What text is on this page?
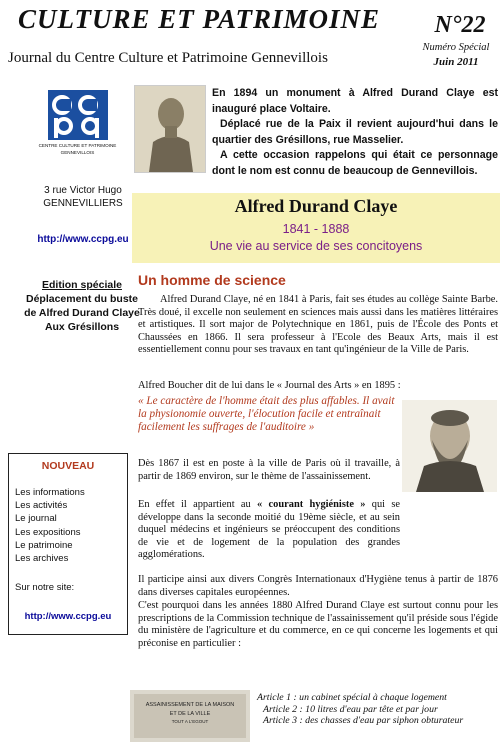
CULTURE ET PATRIMOINE
Journal du Centre Culture et Patrimoine Gennevillois
N°22
Numéro Spécial
Juin 2011
CENTRE CULTURE ET PATRIMOINE
GENNEVILLOIS
3 rue Victor Hugo
GENNEVILLIERS
http://www.ccpg.eu
Edition spéciale
Déplacement du buste
de Alfred Durand Claye
Aux Grésillons
NOUVEAU
Les informations
Les activités
Le journal
Les expositions
Le patrimoine
Les archives
Sur notre site:
http://www.ccpg.eu

En 1894 un monument à Alfred Durand Claye est inauguré place Voltaire.

Déplacé rue de la Paix il revient aujourd'hui dans le quartier des Grésillons, rue Masselier.

A cette occasion rappelons qui était ce personnage dont le nom est connu de beaucoup de Gennevillois.

Alfred Durand Claye
1841 - 1888
Une vie au service de ses concitoyens
Un homme de science

Alfred Durand Claye, né en 1841 à Paris, fait ses études au collège Sainte Barbe. Très doué, il excelle non seulement en sciences mais aussi dans les matières littéraires et artistiques. Il sort major de Polytechnique en 1861, puis de l'École des Ponts et Chaussées en 1866. Il sera professeur à l'Ecole des Beaux Arts, mais il est essentiellement connu pour ses travaux en tant qu'ingénieur de la Ville de Paris.

Alfred Boucher dit de lui dans le « Journal des Arts » en 1895 :

« Le caractère de l'homme était des plus affables. Il avait la physionomie ouverte, l'élocution facile et entraînait facilement les suffrages de l'auditoire »

Dès 1867 il est en poste à la ville de Paris où il travaille, à partir de 1869 environ, sur le thème de l'assainissement.

En effet il appartient au « courant hygiéniste » qui se développe dans la seconde moitié du 19ème siècle, et au sein duquel médecins et ingénieurs se préoccupent des conditions de vie et de logement de la population des grandes agglomérations.

Il participe ainsi aux divers Congrès Internationaux d'Hygiène tenus à partir de 1876 dans diverses capitales européennes.

C'est pourquoi dans les années 1880 Alfred Durand Claye est surtout connu pour les prescriptions de la Commission technique de l'assainissement qu'il préside sous l'égide du ministère de l'agriculture et du commerce, en ce qui concerne les logements et qui préconise en particulier :

ASSAINISSEMENT DE LA MAISON
ET DE LA VILLE
TOUT A L'EGOUT
Article 1 : un cabinet spécial à chaque logement
Article 2 : 10 litres d'eau par tête et par jour
Article 3 : des chasses d'eau par siphon obturateur
